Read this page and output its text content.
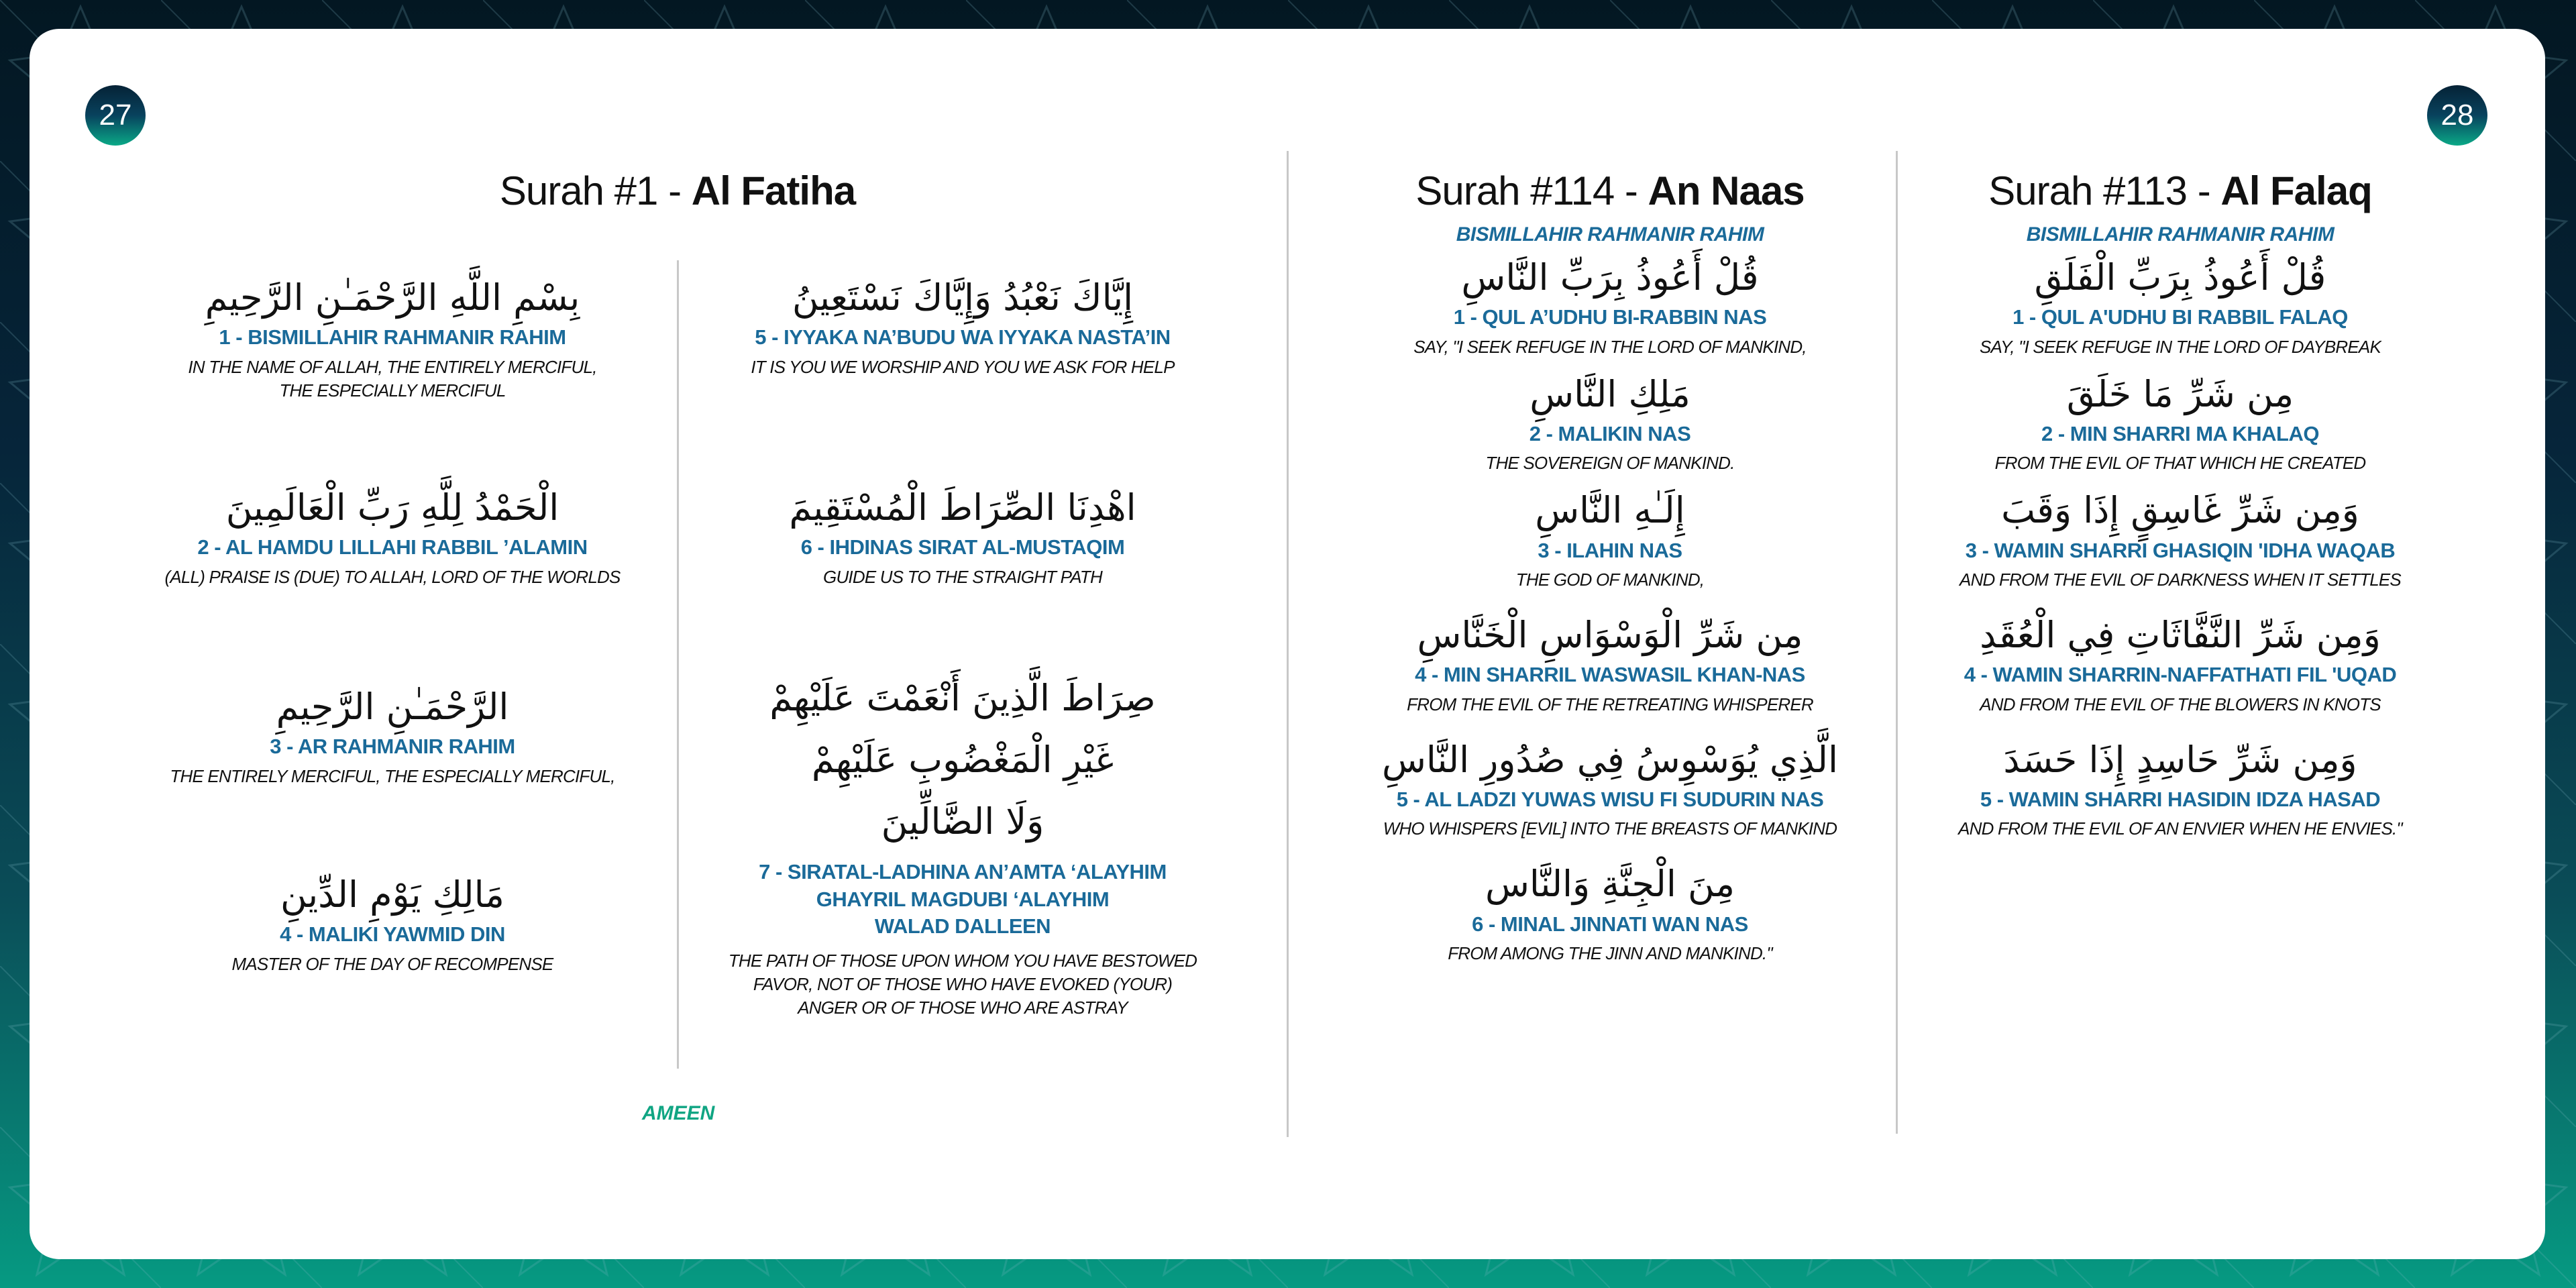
27	28
Surah #1 - Al Fatiha
بِسْمِ اللَّهِ الرَّحْمَـٰنِ الرَّحِيمِ
1 - BISMILLAHIR RAHMANIR RAHIM
IN THE NAME OF ALLAH, THE ENTIRELY MERCIFUL,
THE ESPECIALLY MERCIFUL
الْحَمْدُ لِلَّهِ رَبِّ الْعَالَمِينَ
2 - AL HAMDU LILLAHI RABBIL ’ALAMIN
(ALL) PRAISE IS (DUE) TO ALLAH, LORD OF THE WORLDS
الرَّحْمَـٰنِ الرَّحِيمِ
3 - AR RAHMANIR RAHIM
THE ENTIRELY MERCIFUL, THE ESPECIALLY MERCIFUL,
مَالِكِ يَوْمِ الدِّينِ
4 - MALIKI YAWMID DIN
MASTER OF THE DAY OF RECOMPENSE
إِيَّاكَ نَعْبُدُ وَإِيَّاكَ نَسْتَعِينُ
5 - IYYAKA NA’BUDU WA IYYAKA NASTA’IN
IT IS YOU WE WORSHIP AND YOU WE ASK FOR HELP
اهْدِنَا الصِّرَاطَ الْمُسْتَقِيمَ
6 - IHDINAS SIRAT AL-MUSTAQIM
GUIDE US TO THE STRAIGHT PATH
صِرَاطَ الَّذِينَ أَنْعَمْتَ عَلَيْهِمْ
غَيْرِ الْمَغْضُوبِ عَلَيْهِمْ
وَلَا الضَّالِّينَ
7 - SIRATAL-LADHINA AN’AMTA ‘ALAYHIM
GHAYRIL MAGDUBI ‘ALAYHIM
WALAD DALLEEN
THE PATH OF THOSE UPON WHOM YOU HAVE BESTOWED
FAVOR, NOT OF THOSE WHO HAVE EVOKED (YOUR)
ANGER OR OF THOSE WHO ARE ASTRAY
AMEEN
Surah #114 - An Naas
BISMILLAHIR RAHMANIR RAHIM
قُلْ أَعُوذُ بِرَبِّ النَّاسِ
1 - QUL A’UDHU BI-RABBIN NAS
SAY, "I SEEK REFUGE IN THE LORD OF MANKIND,
مَلِكِ النَّاسِ
2 - MALIKIN NAS
THE SOVEREIGN OF MANKIND.
إِلَـٰهِ النَّاسِ
3 - ILAHIN NAS
THE GOD OF MANKIND,
مِن شَرِّ الْوَسْوَاسِ الْخَنَّاسِ
4 - MIN SHARRIL WASWASIL KHAN-NAS
FROM THE EVIL OF THE RETREATING WHISPERER
الَّذِي يُوَسْوِسُ فِي صُدُورِ النَّاسِ
5 - AL LADZI YUWAS WISU FI SUDURIN NAS
WHO WHISPERS [EVIL] INTO THE BREASTS OF MANKIND
مِنَ الْجِنَّةِ وَالنَّاس
6 - MINAL JINNATI WAN NAS
FROM AMONG THE JINN AND MANKIND."
Surah #113 - Al Falaq
BISMILLAHIR RAHMANIR RAHIM
قُلْ أَعُوذُ بِرَبِّ الْفَلَقِ
1 - QUL A'UDHU BI RABBIL FALAQ
SAY, "I SEEK REFUGE IN THE LORD OF DAYBREAK
مِن شَرِّ مَا خَلَقَ
2 - MIN SHARRI MA KHALAQ
FROM THE EVIL OF THAT WHICH HE CREATED
وَمِن شَرِّ غَاسِقٍ إِذَا وَقَبَ
3 - WAMIN SHARRI GHASIQIN 'IDHA WAQAB
AND FROM THE EVIL OF DARKNESS WHEN IT SETTLES
وَمِن شَرِّ النَّفَّاثَاتِ فِي الْعُقَدِ
4 - WAMIN SHARRIN-NAFFATHATI FIL 'UQAD
AND FROM THE EVIL OF THE BLOWERS IN KNOTS
وَمِن شَرِّ حَاسِدٍ إِذَا حَسَدَ
5 - WAMIN SHARRI HASIDIN IDZA HASAD
AND FROM THE EVIL OF AN ENVIER WHEN HE ENVIES."
